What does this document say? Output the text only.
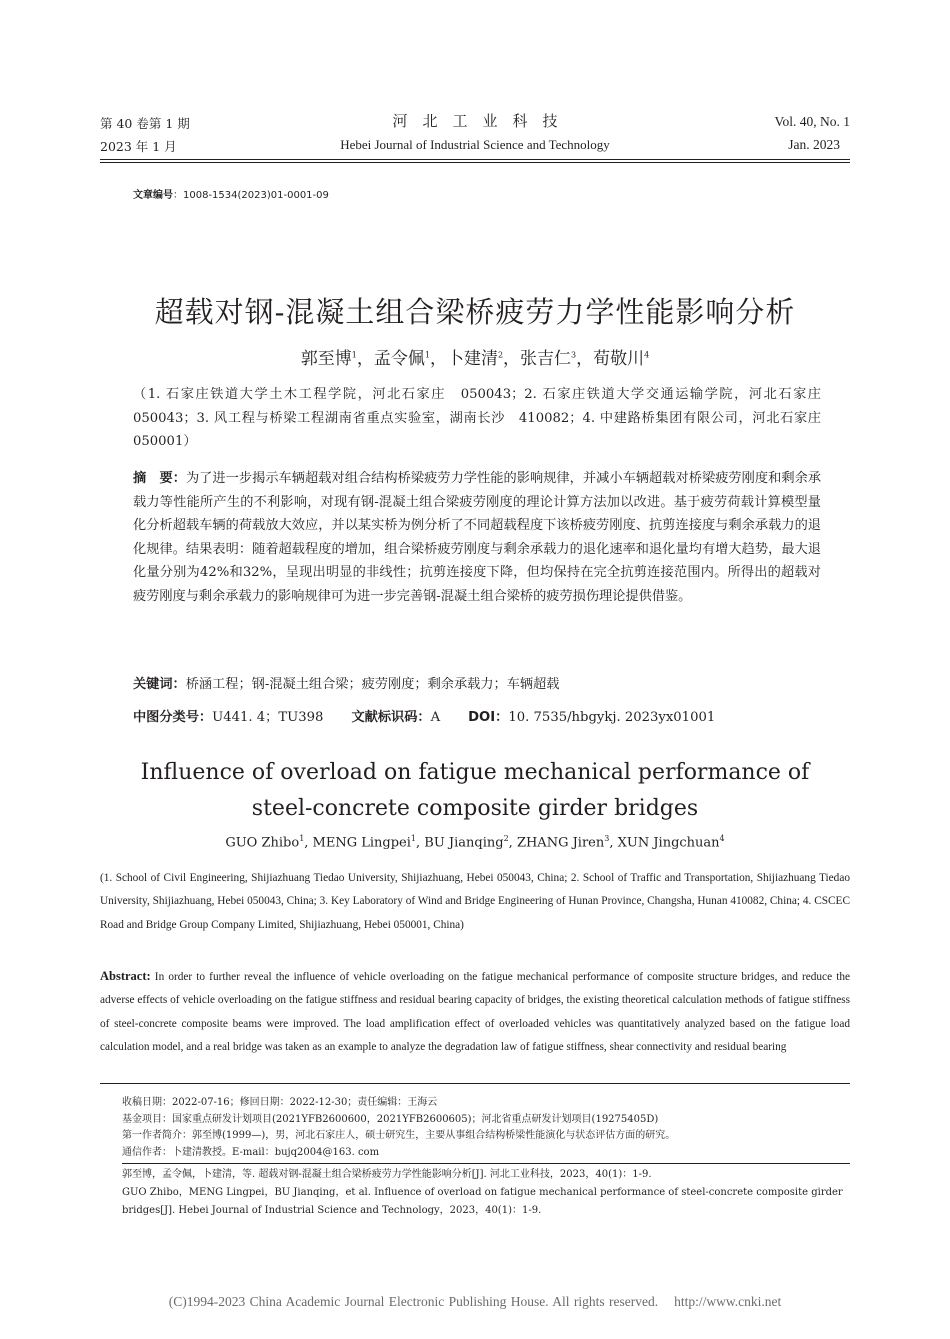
第 40 卷第 1 期
2023 年 1 月
河　北　工　业　科　技
Hebei Journal of Industrial Science and Technology
Vol. 40, No. 1
Jan. 2023
文章编号：1008-1534(2023)01-0001-09
超载对钢-混凝土组合梁桥疲劳力学性能影响分析
郭至博$^1$，孟令佩$^1$，卜建清$^2$，张吉仁$^3$，荀敬川$^4$
（1. 石家庄铁道大学土木工程学院，河北石家庄　050043；2. 石家庄铁道大学交通运输学院，河北石家庄　050043；3. 风工程与桥梁工程湖南省重点实验室，湖南长沙　410082；4. 中建路桥集团有限公司，河北石家庄　050001）
摘　要：为了进一步揭示车辆超载对组合结构桥梁疲劳力学性能的影响规律，并减小车辆超载对桥梁疲劳刚度和剩余承载力等性能所产生的不利影响，对现有钢-混凝土组合梁疲劳刚度的理论计算方法加以改进。基于疲劳荷载计算模型量化分析超载车辆的荷载放大效应，并以某实桥为例分析了不同超载程度下该桥疲劳刚度、抗剪连接度与剩余承载力的退化规律。结果表明：随着超载程度的增加，组合梁桥疲劳刚度与剩余承载力的退化速率和退化量均有增大趋势，最大退化量分别为42%和32%，呈现出明显的非线性；抗剪连接度下降，但均保持在完全抗剪连接范围内。所得出的超载对疲劳刚度与剩余承载力的影响规律可为进一步完善钢-混凝土组合梁桥的疲劳损伤理论提供借鉴。
关键词：桥涵工程；钢-混凝土组合梁；疲劳刚度；剩余承载力；车辆超载
中图分类号：U441. 4；TU398 文献标识码：A DOI：10. 7535/hbgykj. 2023yx01001
Influence of overload on fatigue mechanical performance of
steel-concrete composite girder bridges
GUO Zhibo$^1$, MENG Lingpei$^1$, BU Jianqing$^2$, ZHANG Jiren$^3$, XUN Jingchuan$^4$
(1. School of Civil Engineering, Shijiazhuang Tiedao University, Shijiazhuang, Hebei 050043, China; 2. School of Traffic and Transportation, Shijiazhuang Tiedao University, Shijiazhuang, Hebei 050043, China; 3. Key Laboratory of Wind and Bridge Engineering of Hunan Province, Changsha, Hunan 410082, China; 4. CSCEC Road and Bridge Group Company Limited, Shijiazhuang, Hebei 050001, China)
Abstract: In order to further reveal the influence of vehicle overloading on the fatigue mechanical performance of composite structure bridges, and reduce the adverse effects of vehicle overloading on the fatigue stiffness and residual bearing capacity of bridges, the existing theoretical calculation methods of fatigue stiffness of steel-concrete composite beams were improved. The load amplification effect of overloaded vehicles was quantitatively analyzed based on the fatigue load calculation model, and a real bridge was taken as an example to analyze the degradation law of fatigue stiffness, shear connectivity and residual bearing
收稿日期：2022-07-16；修回日期：2022-12-30；责任编辑：王海云
基金项目：国家重点研发计划项目(2021YFB2600600，2021YFB2600605)；河北省重点研发计划项目(19275405D)
第一作者简介：郭至博(1999—)，男，河北石家庄人，硕士研究生，主要从事组合结构桥梁性能演化与状态评估方面的研究。
通信作者：卜建清教授。E-mail：bujq2004@163. com
郭至博，孟令佩，卜建清，等. 超载对钢-混凝土组合梁桥疲劳力学性能影响分析[J]. 河北工业科技，2023，40(1)：1-9.
GUO Zhibo，MENG Lingpei，BU Jianqing，et al. Influence of overload on fatigue mechanical performance of steel-concrete composite girder bridges[J]. Hebei Journal of Industrial Science and Technology，2023，40(1)：1-9.
(C)1994-2023 China Academic Journal Electronic Publishing House. All rights reserved. http://www.cnki.net
